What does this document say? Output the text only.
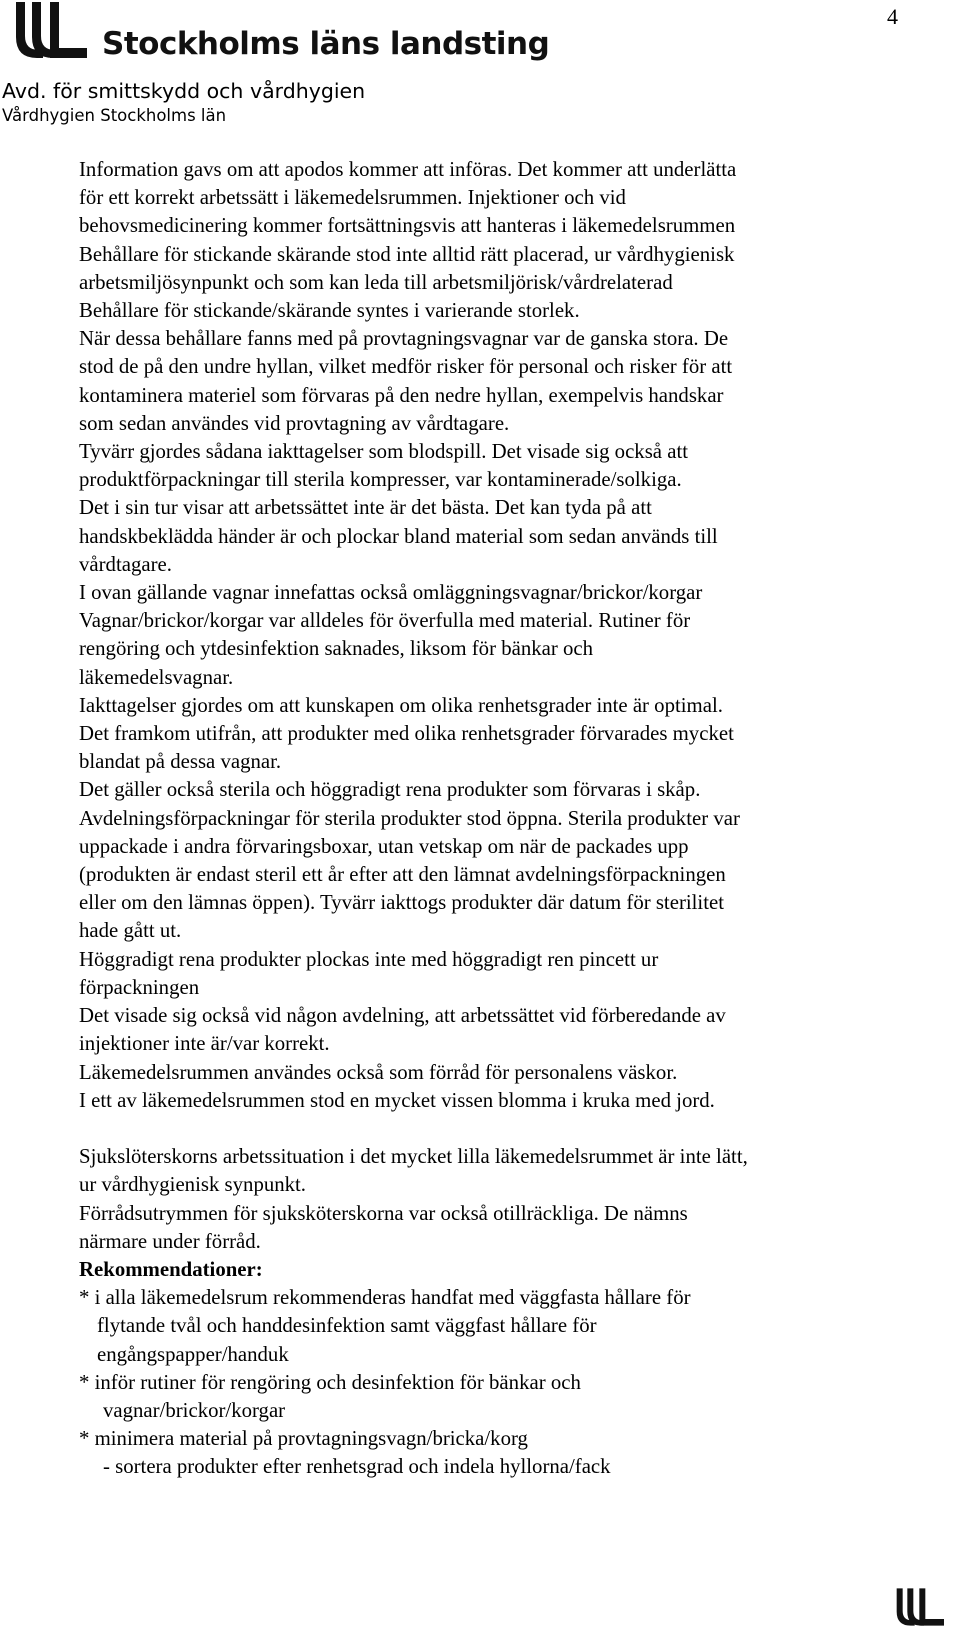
4
Stockholms läns landsting
Avd. för smittskydd och vårdhygien
Vårdhygien Stockholms län
Information gavs om att apodos kommer att införas. Det kommer att underlätta
för ett korrekt arbetssätt i läkemedelsrummen. Injektioner och vid
behovsmedicinering kommer fortsättningsvis att hanteras i läkemedelsrummen
Behållare för stickande skärande stod inte alltid rätt placerad, ur vårdhygienisk
arbetsmiljösynpunkt och som kan leda till arbetsmiljörisk/vårdrelaterad
Behållare för stickande/skärande syntes i varierande storlek.
När dessa behållare fanns med på provtagningsvagnar var de ganska stora. De
stod de på den undre hyllan, vilket medför risker för personal och risker för att
kontaminera materiel som förvaras på den nedre hyllan, exempelvis handskar
som sedan användes vid provtagning av vårdtagare.
Tyvärr gjordes sådana iakttagelser som blodspill. Det visade sig också att
produktförpackningar till sterila kompresser, var kontaminerade/solkiga.
Det i sin tur visar att arbetssättet inte är det bästa. Det kan tyda på att
handskbeklädda händer är och plockar bland material som sedan används till
vårdtagare.
I ovan gällande vagnar innefattas också omläggningsvagnar/brickor/korgar
Vagnar/brickor/korgar var alldeles för överfulla med material. Rutiner för
rengöring och ytdesinfektion saknades, liksom för bänkar och
läkemedelsvagnar.
Iakttagelser gjordes om att kunskapen om olika renhetsgrader inte är optimal.
Det framkom utifrån, att produkter med olika renhetsgrader förvarades mycket
blandat på dessa vagnar.
Det gäller också sterila och höggradigt rena produkter som förvaras i skåp.
Avdelningsförpackningar för sterila produkter stod öppna. Sterila produkter var
uppackade i andra förvaringsboxar, utan vetskap om när de packades upp
(produkten är endast steril ett år efter att den lämnat avdelningsförpackningen
eller om den lämnas öppen). Tyvärr iakttogs produkter där datum för sterilitet
hade gått ut.
Höggradigt rena produkter plockas inte med höggradigt ren pincett ur
förpackningen
Det visade sig också vid någon avdelning, att arbetssättet vid förberedande av
injektioner inte är/var korrekt.
Läkemedelsrummen användes också som förråd för personalens väskor.
I ett av läkemedelsrummen stod en mycket vissen blomma i kruka med jord.
Sjukslöterskorns arbetssituation i det mycket lilla läkemedelsrummet är inte lätt,
ur vårdhygienisk synpunkt.
Förrådsutrymmen för sjuksköterskorna var också otillräckliga. De nämns
närmare under förråd.
Rekommendationer:
* i alla läkemedelsrum rekommenderas handfat med väggfasta hållare för
flytande tvål och handdesinfektion samt väggfast hållare för
engångspapper/handuk
* inför rutiner för rengöring och desinfektion för bänkar och
vagnar/brickor/korgar
* minimera material på provtagningsvagn/bricka/korg
- sortera produkter efter renhetsgrad och indela hyllorna/fack
